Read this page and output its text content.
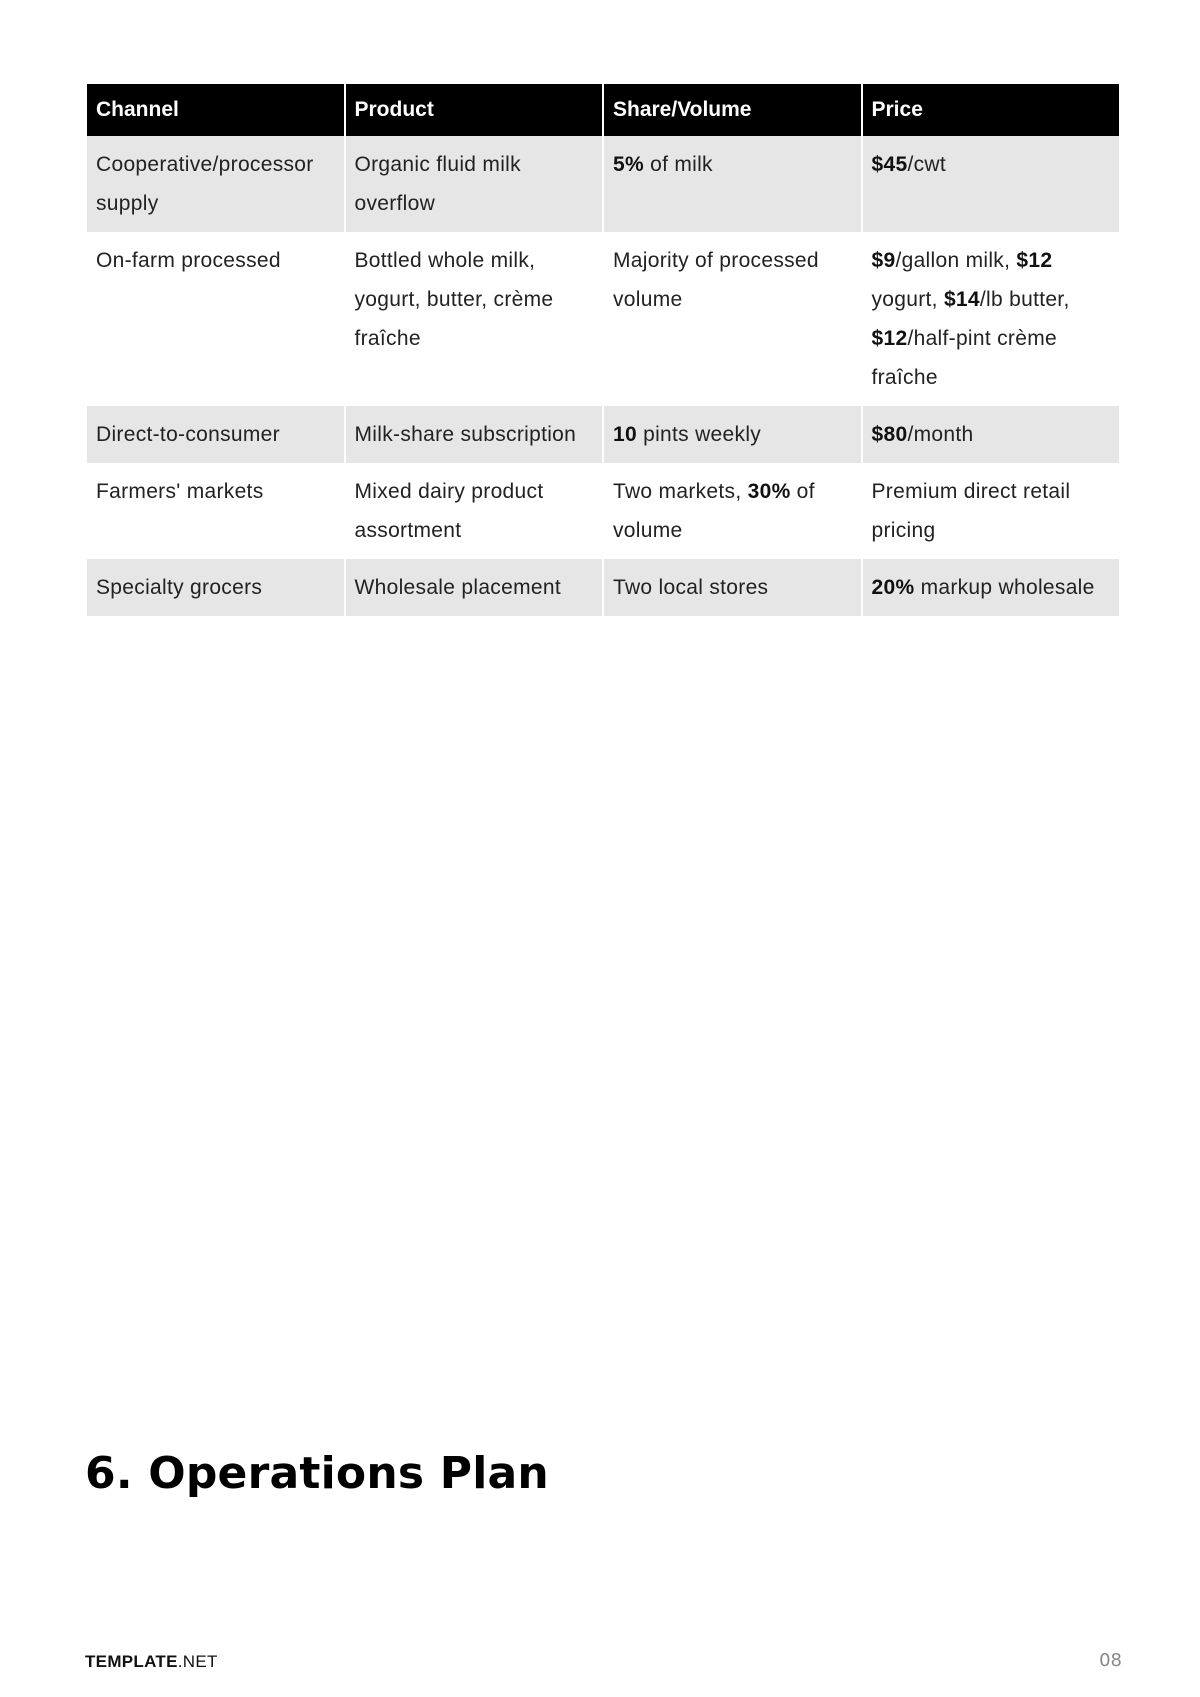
Channel	Product	Share/Volume	Price
Cooperative/processor supply	Organic fluid milk overflow	5% of milk	$45/cwt
On-farm processed	Bottled whole milk, yogurt, butter, crème fraîche	Majority of processed volume	$9/gallon milk, $12 yogurt, $14/lb butter, $12/half-pint crème fraîche
Direct-to-consumer	Milk-share subscription	10 pints weekly	$80/month
Farmers' markets	Mixed dairy product assortment	Two markets, 30% of volume	Premium direct retail pricing
Specialty grocers	Wholesale placement	Two local stores	20% markup wholesale
6. Operations Plan
TEMPLATE.NET	08
